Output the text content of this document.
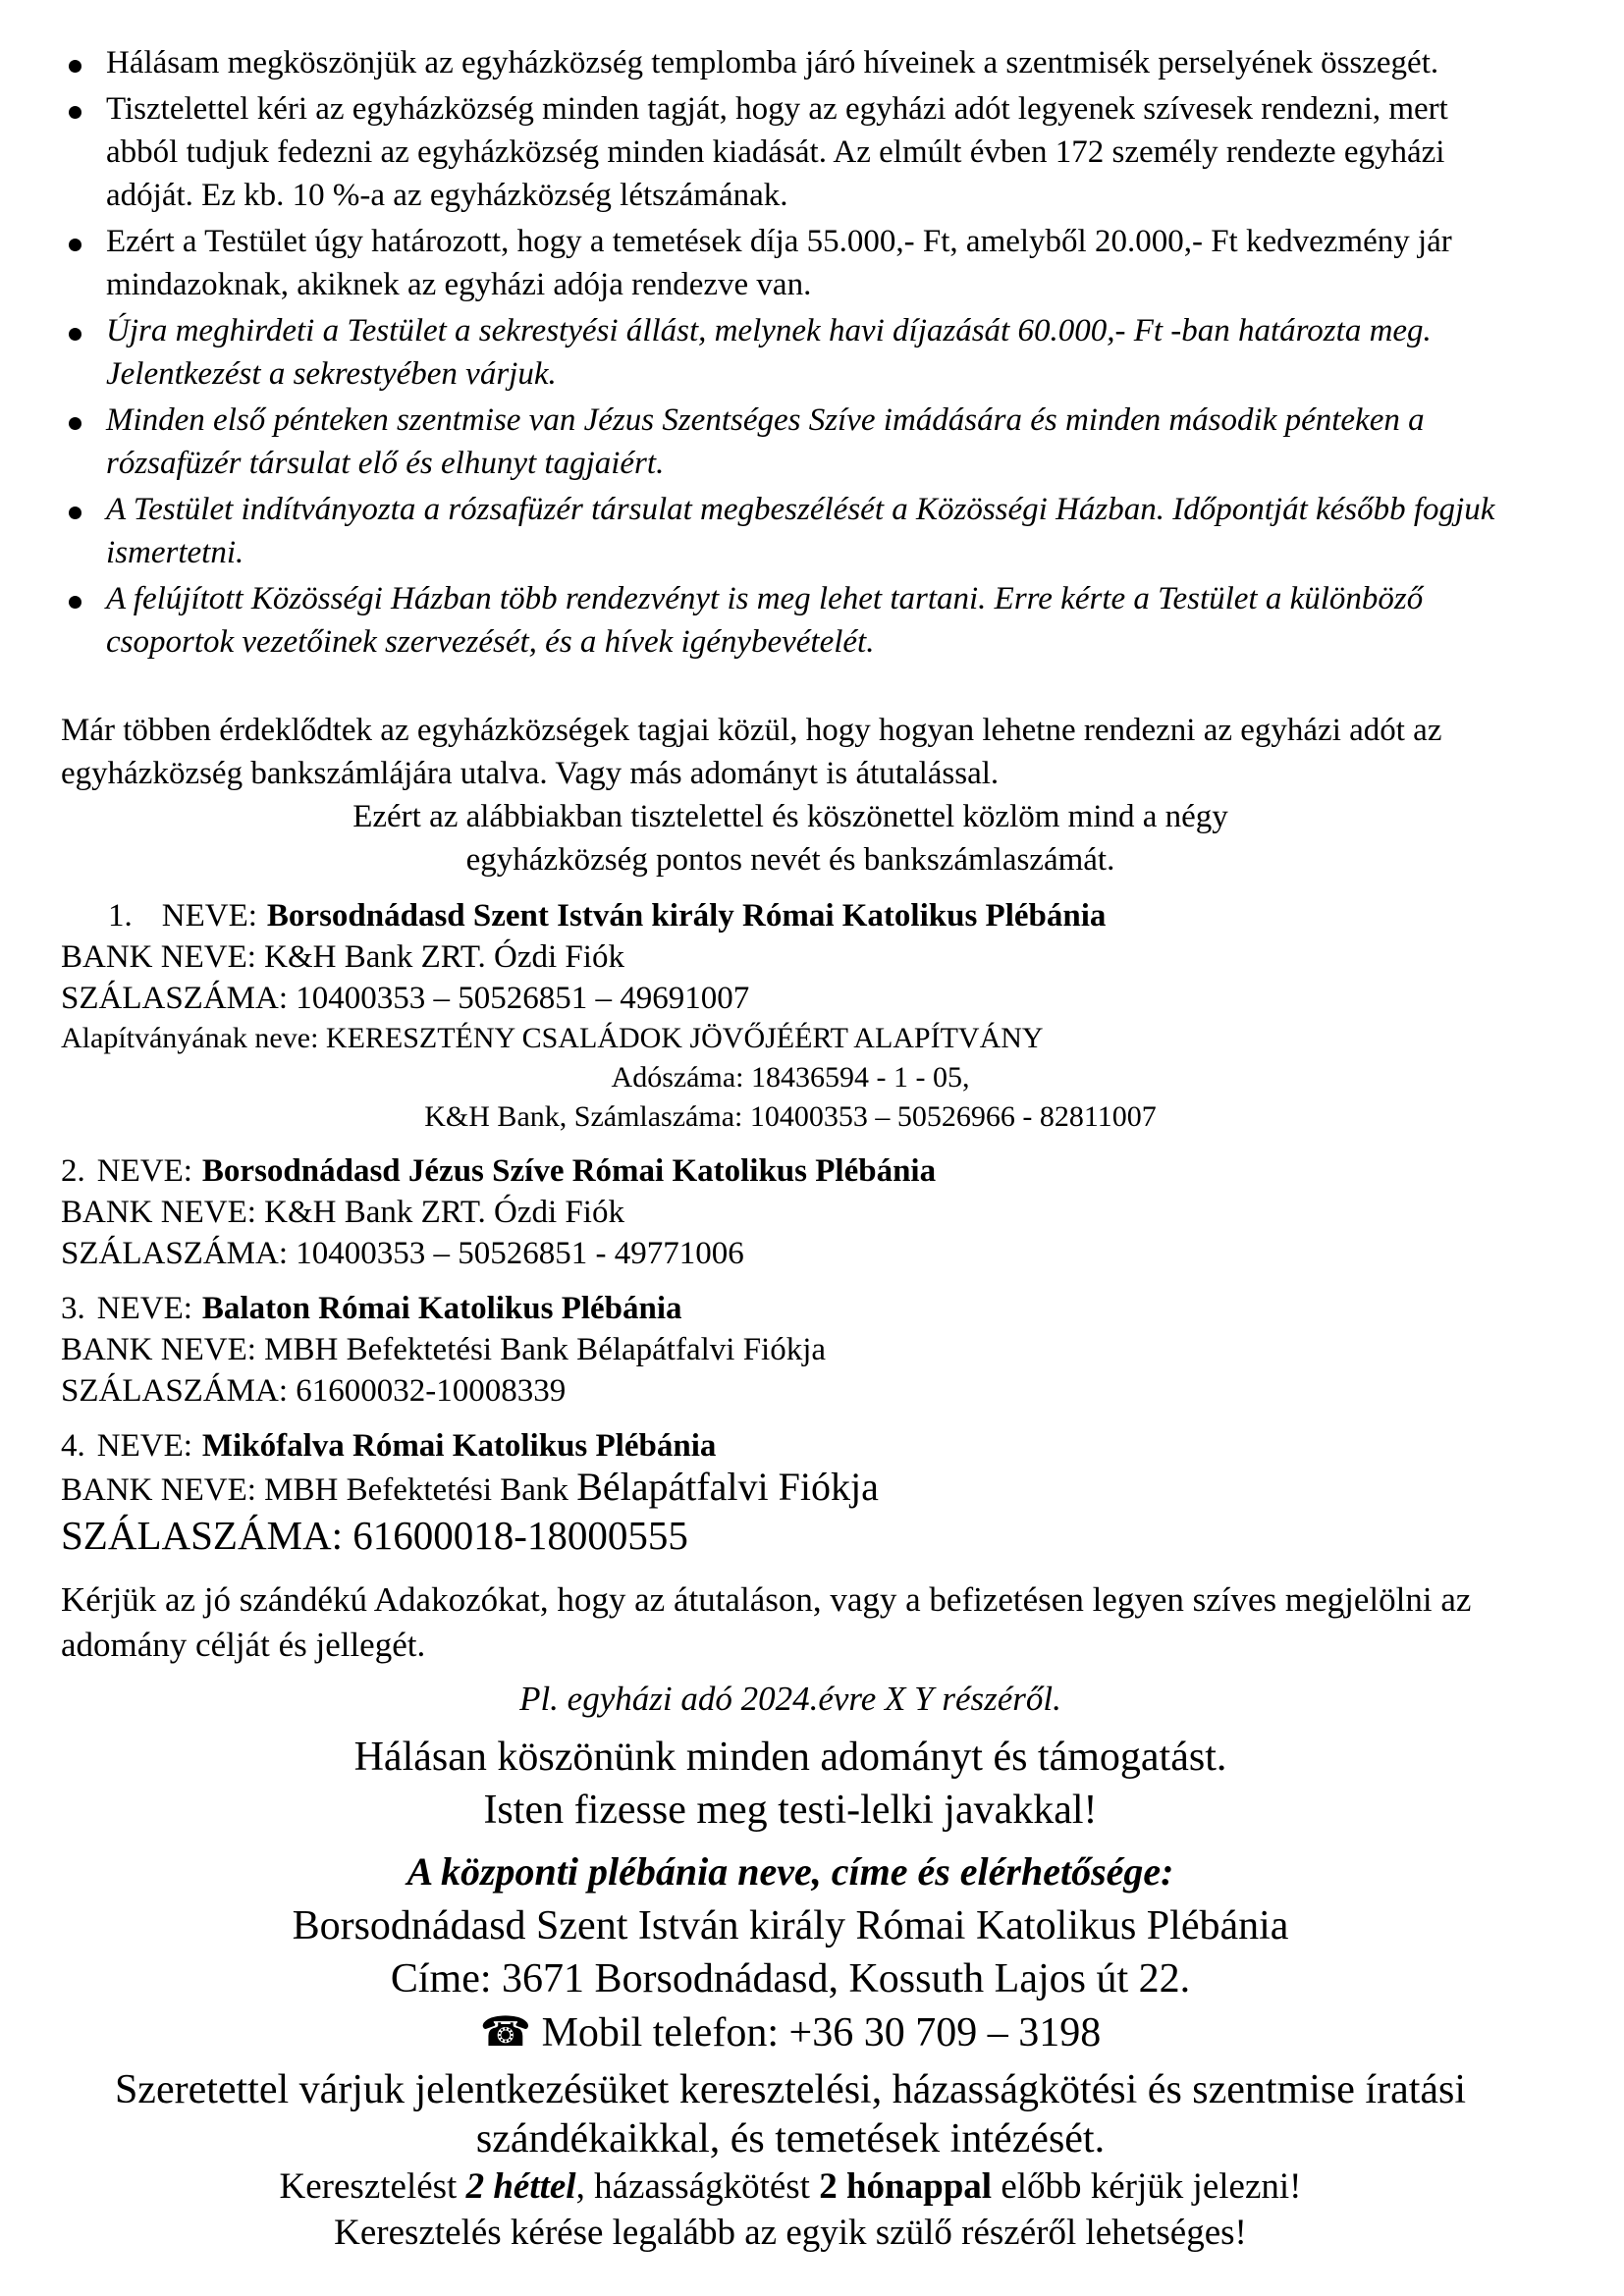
Hálásam megköszönjük az egyházközség templomba járó híveinek a szentmisék perselyének összegét.
Tisztelettel kéri az egyházközség minden tagját, hogy az egyházi adót legyenek szívesek rendezni, mert abból tudjuk fedezni az egyházközség minden kiadását. Az elmúlt évben 172 személy rendezte egyházi adóját. Ez kb. 10 %-a az egyházközség létszámának.
Ezért a Testület úgy határozott, hogy a temetések díja 55.000,- Ft, amelyből 20.000,- Ft kedvezmény jár mindazoknak, akiknek az egyházi adója rendezve van.
Újra meghirdeti a Testület a sekrestyési állást, melynek havi díjazását 60.000,- Ft -ban határozta meg. Jelentkezést a sekrestyében várjuk.
Minden első pénteken szentmise van Jézus Szentséges Szíve imádására és minden második pénteken a rózsafüzér társulat elő és elhunyt tagjaiért.
A Testület indítványozta a rózsafüzér társulat megbeszélését a Közösségi Házban. Időpontját később fogjuk ismertetni.
A felújított Közösségi Házban több rendezvényt is meg lehet tartani. Erre kérte a Testület a különböző csoportok vezetőinek szervezését, és a hívek igénybevételét.

Már többen érdeklődtek az egyházközségek tagjai közül, hogy hogyan lehetne rendezni az egyházi adót az egyházközség bankszámlájára utalva. Vagy más adományt is átutalással.

Ezért az alábbiakban tisztelettel és köszönettel közlöm mind a négy
egyházközség pontos nevét és bankszámlaszámát.
1. NEVE: Borsodnádasd Szent István király Római Katolikus Plébánia
BANK NEVE: K&H Bank ZRT. Ózdi Fiók
SZÁLASZÁMA: 10400353 – 50526851 – 49691007
Alapítványának neve: KERESZTÉNY CSALÁDOK JÖVŐJÉÉRT ALAPÍTVÁNY
Adószáma: 18436594 - 1 - 05,
K&H Bank, Számlaszáma: 10400353 – 50526966 - 82811007
2. NEVE: Borsodnádasd Jézus Szíve Római Katolikus Plébánia
BANK NEVE: K&H Bank ZRT. Ózdi Fiók
SZÁLASZÁMA: 10400353 – 50526851 - 49771006
3. NEVE: Balaton Római Katolikus Plébánia
BANK NEVE: MBH Befektetési Bank Bélapátfalvi Fiókja
SZÁLASZÁMA: 61600032-10008339
4. NEVE: Mikófalva Római Katolikus Plébánia
BANK NEVE: MBH Befektetési Bank Bélapátfalvi Fiókja
SZÁLASZÁMA: 61600018-18000555

Kérjük az jó szándékú Adakozókat, hogy az átutaláson, vagy a befizetésen legyen szíves megjelölni az adomány célját és jellegét.

Pl. egyházi adó 2024.évre X Y részéről.
Hálásan köszönünk minden adományt és támogatást.
Isten fizesse meg testi-lelki javakkal!
A központi plébánia neve, címe és elérhetősége:
Borsodnádasd Szent István király Római Katolikus Plébánia
Címe: 3671 Borsodnádasd, Kossuth Lajos út 22.
☎ Mobil telefon: +36 30 709 – 3198
Szeretettel várjuk jelentkezésüket keresztelési, házasságkötési és szentmise íratási szándékaikkal, és temetések intézését.
Keresztelést 2 héttel, házasságkötést 2 hónappal előbb kérjük jelezni!
Keresztelés kérése legalább az egyik szülő részéről lehetséges!
